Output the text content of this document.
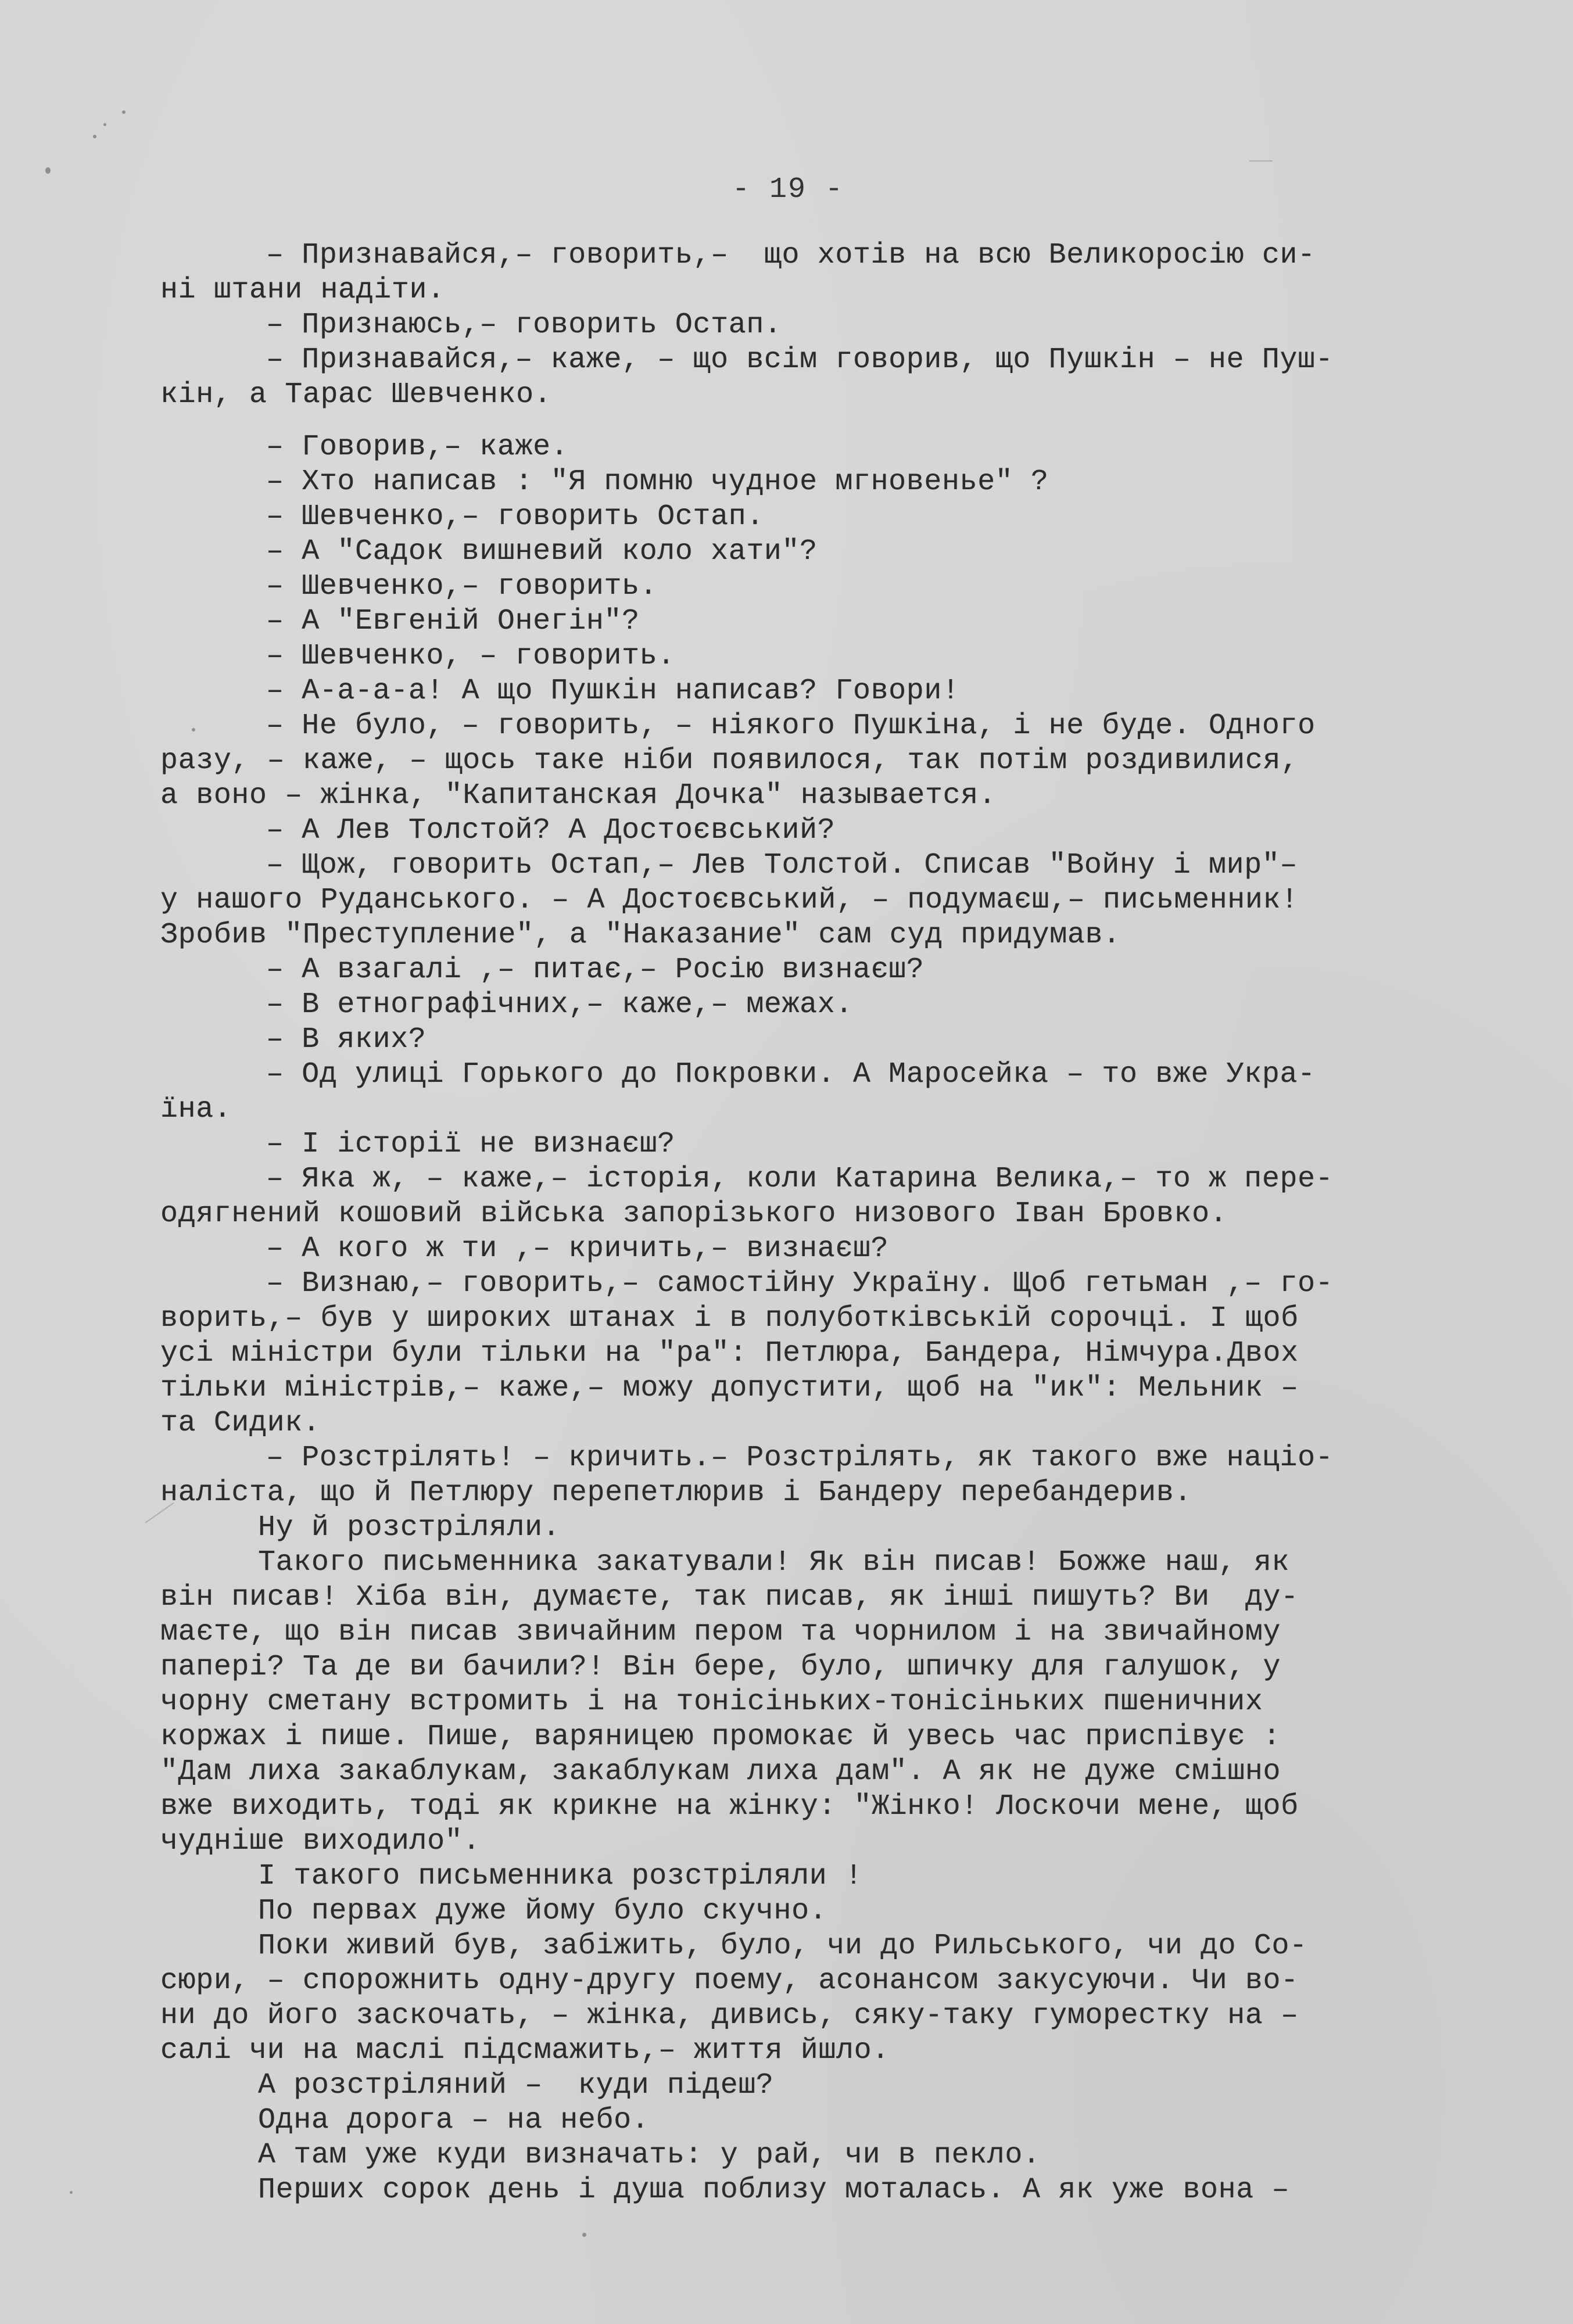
- 19 -
– Признавайся,– говорить,–  що хотів на всю Великоросію си-
ні штани надіти.
– Признаюсь,– говорить Остап.
– Признавайся,– каже, – що всім говорив, що Пушкін – не Пуш-
кін, а Тарас Шевченко.
– Говорив,– каже.
– Хто написав : "Я помню чудное мгновенье" ?
– Шевченко,– говорить Остап.
– А "Садок вишневий коло хати"?
– Шевченко,– говорить.
– А "Евгеній Онегін"?
– Шевченко, – говорить.
– А-а-а-а! А що Пушкін написав? Говори!
– Не було, – говорить, – ніякого Пушкіна, і не буде. Одного
разу, – каже, – щось таке ніби появилося, так потім роздивилися,
а воно – жінка, "Капитанская Дочка" называется.
– А Лев Толстой? А Достоєвський?
– Щож, говорить Остап,– Лев Толстой. Списав "Войну і мир"–
у нашого Руданського. – А Достоєвський, – подумаєш,– письменник!
Зробив "Преступление", а "Наказание" сам суд придумав.
– А взагалі ,– питає,– Росію визнаєш?
– В етнографічних,– каже,– межах.
– В яких?
– Од улиці Горького до Покровки. А Маросейка – то вже Укра-
їна.
– І історії не визнаєш?
– Яка ж, – каже,– історія, коли Катарина Велика,– то ж пере-
одягнений кошовий війська запорізького низового Іван Бровко.
– А кого ж ти ,– кричить,– визнаєш?
– Визнаю,– говорить,– самостійну Україну. Щоб гетьман ,– го-
ворить,– був у широких штанах і в полуботківській сорочці. І щоб
усі міністри були тільки на "ра": Петлюра, Бандера, Німчура.Двох
тільки міністрів,– каже,– можу допустити, щоб на "ик": Мельник –
та Сидик.
– Розстрілять! – кричить.– Розстрілять, як такого вже націо-
наліста, що й Петлюру перепетлюрив і Бандеру перебандерив.
Ну й розстріляли.
Такого письменника закатували! Як він писав! Божже наш, як
він писав! Хіба він, думаєте, так писав, як інші пишуть? Ви  ду-
маєте, що він писав звичайним пером та чорнилом і на звичайному
папері? Та де ви бачили?! Він бере, було, шпичку для галушок, у
чорну сметану встромить і на тонісінькиx-тонісіньких пшеничних
коржах і пише. Пише, варяницею промокає й увесь час приспівує :
"Дам лиха закаблукам, закаблукам лиха дам". А як не дуже смішно
вже виходить, тоді як крикне на жінку: "Жінко! Лоскочи мене, щоб
чудніше виходило".
І такого письменника розстріляли !
По первах дуже йому було скучно.
Поки живий був, забіжить, було, чи до Рильського, чи до Со-
сюри, – спорожнить одну-другу поему, асонансом закусуючи. Чи во-
ни до його заскочать, – жінка, дивись, сяку-таку гуморестку на –
салі чи на маслі підсмажить,– життя йшло.
А розстріляний –  куди підеш?
Одна дорога – на небо.
А там уже куди визначать: у рай, чи в пекло.
Перших сорок день і душа поблизу моталась. А як уже вона –
